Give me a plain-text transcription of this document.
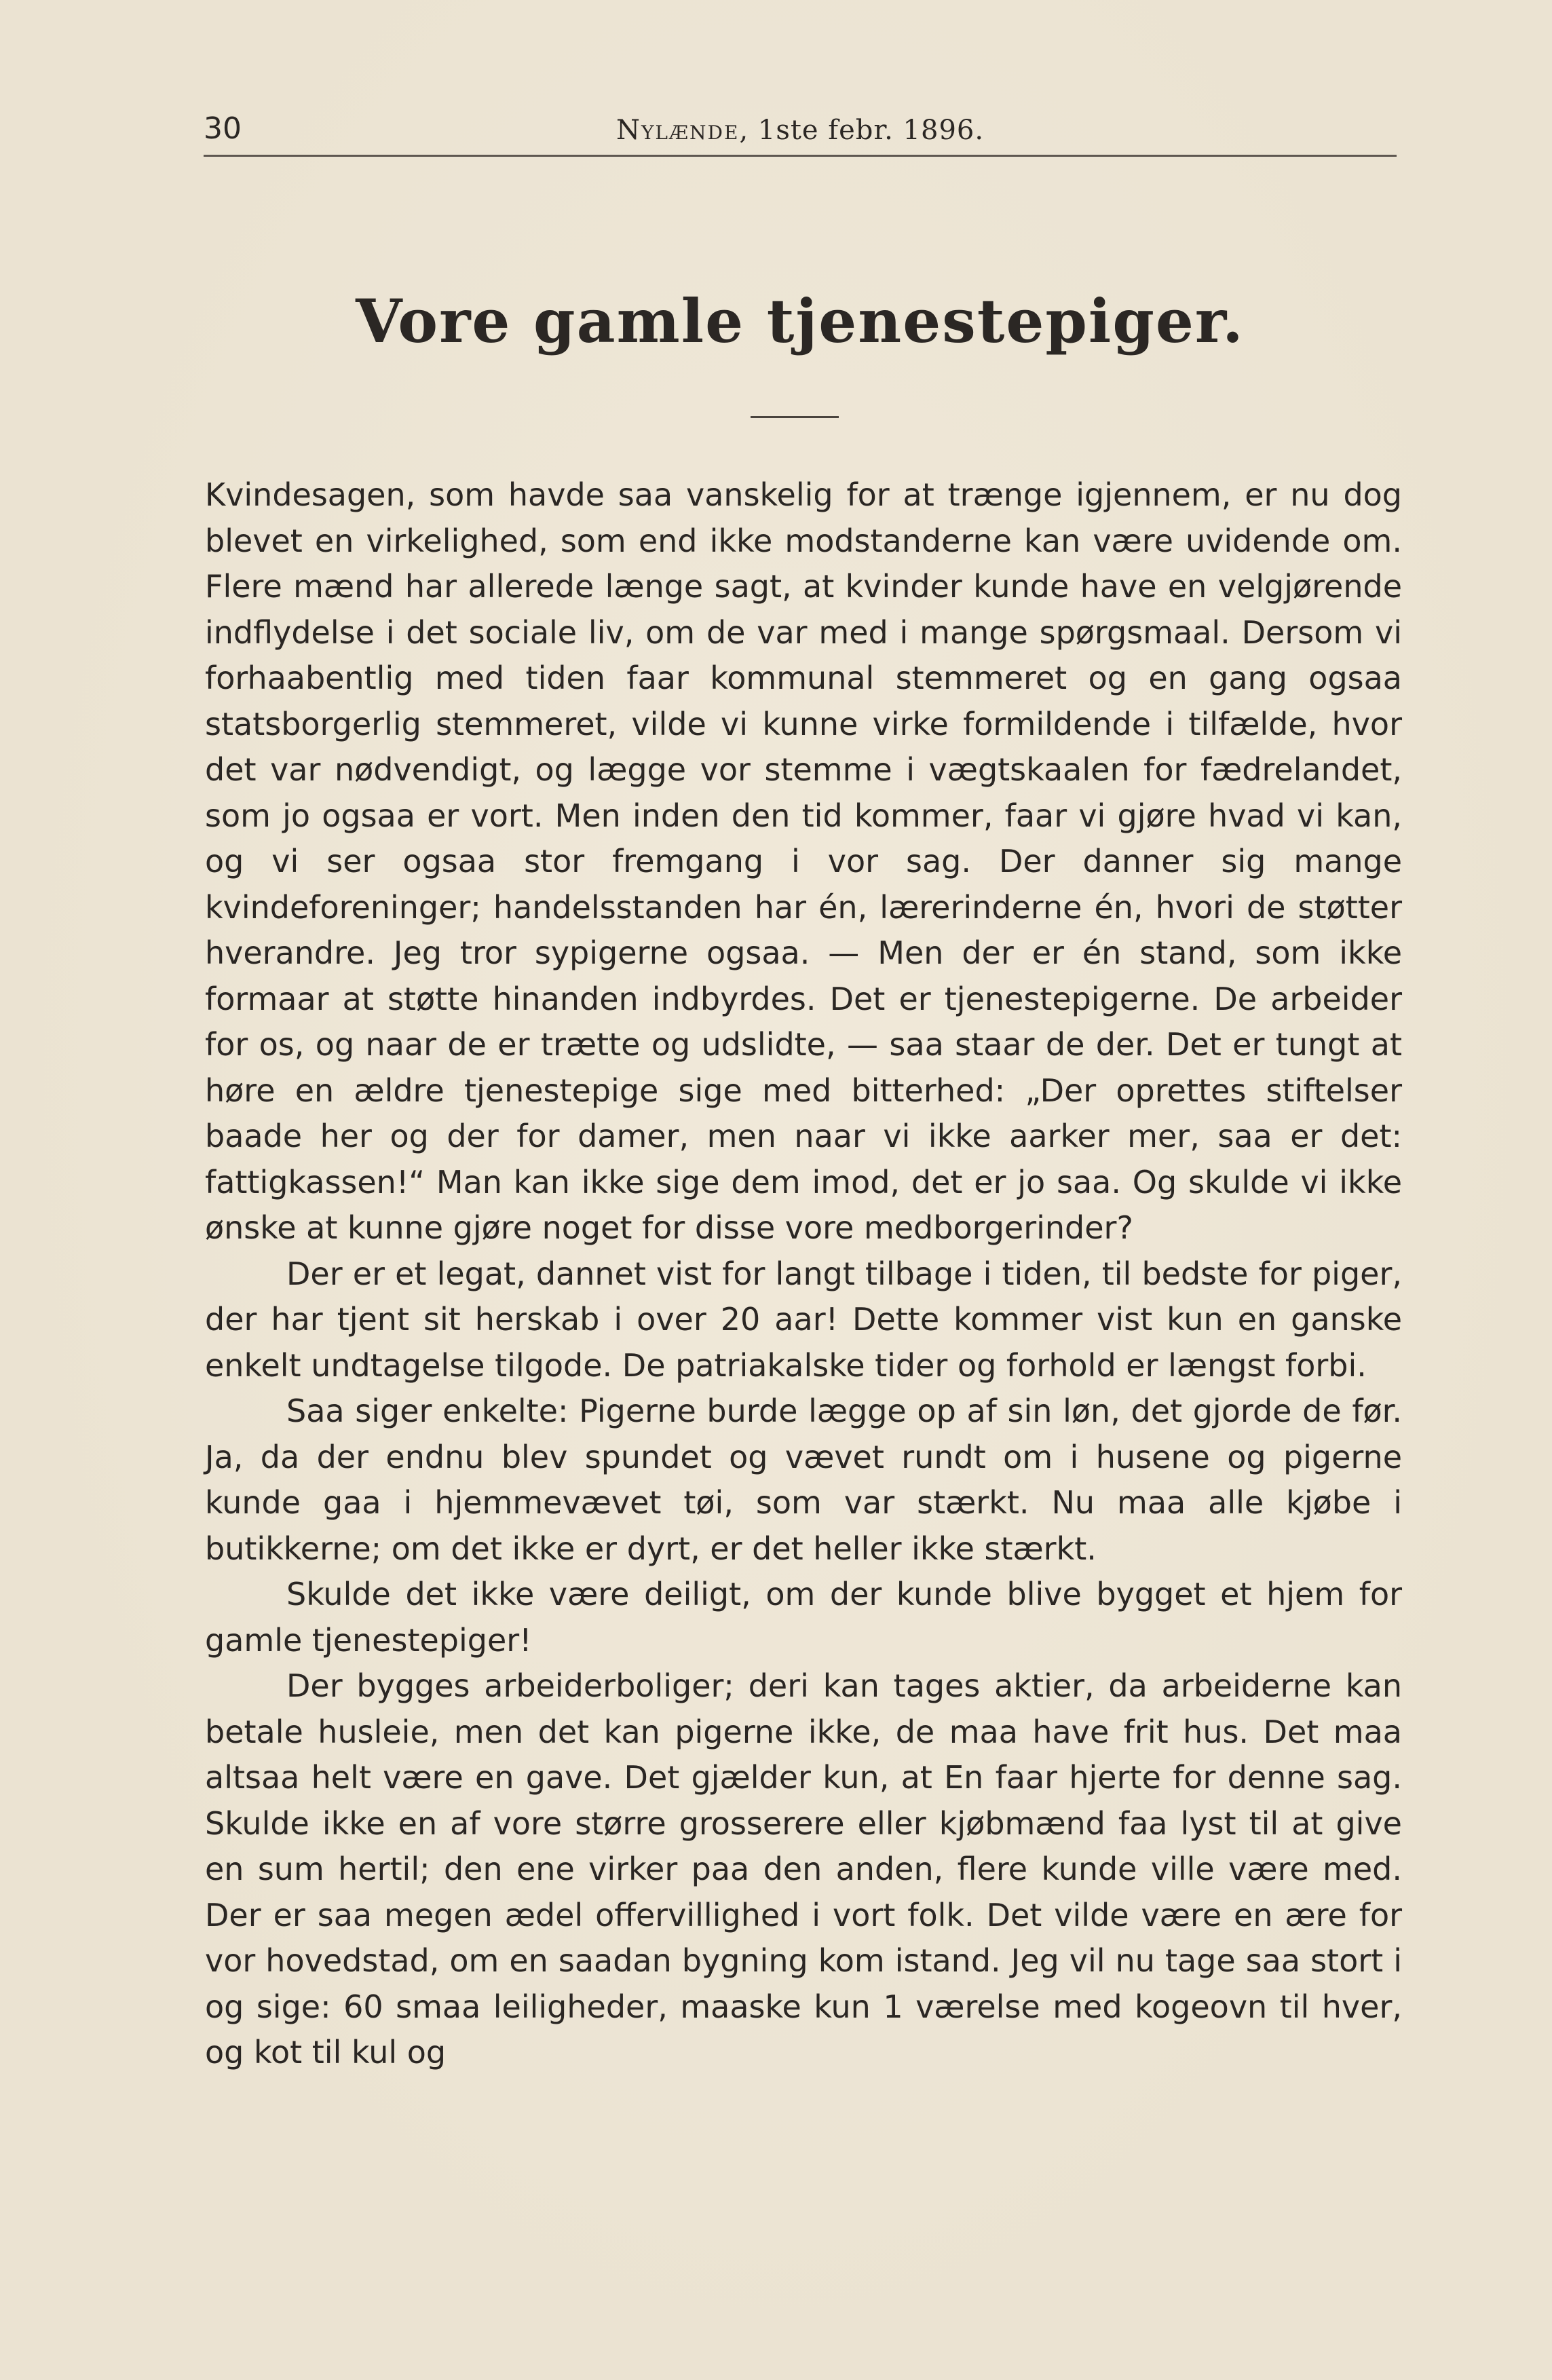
30	Nylænde, 1ste febr. 1896.
Vore gamle tjenestepiger.

Kvindesagen, som havde saa vanskelig for at trænge igjennem, er nu dog blevet en virkelighed, som end ikke modstanderne kan være uvidende om. Flere mænd har allerede længe sagt, at kvinder kunde have en velgjørende indflydelse i det sociale liv, om de var med i mange spørgsmaal. Dersom vi forhaabentlig med tiden faar kommunal stemmeret og en gang ogsaa statsborgerlig stemmeret, vilde vi kunne virke formildende i tilfælde, hvor det var nødvendigt, og lægge vor stemme i vægtskaalen for fædrelandet, som jo ogsaa er vort. Men inden den tid kommer, faar vi gjøre hvad vi kan, og vi ser ogsaa stor fremgang i vor sag. Der danner sig mange kvindeforeninger; handelsstanden har én, lærerinderne én, hvori de støtter hverandre. Jeg tror sypigerne ogsaa. — Men der er én stand, som ikke formaar at støtte hinanden indbyrdes. Det er tjenestepigerne. De arbeider for os, og naar de er trætte og udslidte, — saa staar de der. Det er tungt at høre en ældre tjenestepige sige med bitterhed: „Der oprettes stiftelser baade her og der for damer, men naar vi ikke aarker mer, saa er det: fattigkassen!“ Man kan ikke sige dem imod, det er jo saa. Og skulde vi ikke ønske at kunne gjøre noget for disse vore medborgerinder?

Der er et legat, dannet vist for langt tilbage i tiden, til bedste for piger, der har tjent sit herskab i over 20 aar! Dette kommer vist kun en ganske enkelt undtagelse tilgode. De patriakalske tider og forhold er længst forbi.

Saa siger enkelte: Pigerne burde lægge op af sin løn, det gjorde de før. Ja, da der endnu blev spundet og vævet rundt om i husene og pigerne kunde gaa i hjemmevævet tøi, som var stærkt. Nu maa alle kjøbe i butikkerne; om det ikke er dyrt, er det heller ikke stærkt.

Skulde det ikke være deiligt, om der kunde blive bygget et hjem for gamle tjenestepiger!

Der bygges arbeiderboliger; deri kan tages aktier, da arbeiderne kan betale husleie, men det kan pigerne ikke, de maa have frit hus. Det maa altsaa helt være en gave. Det gjælder kun, at En faar hjerte for denne sag. Skulde ikke en af vore større grosserere eller kjøbmænd faa lyst til at give en sum hertil; den ene virker paa den anden, flere kunde ville være med. Der er saa megen ædel offervillighed i vort folk. Det vilde være en ære for vor hovedstad, om en saadan bygning kom istand. Jeg vil nu tage saa stort i og sige: 60 smaa leiligheder, maaske kun 1 værelse med kogeovn til hver, og kot til kul og
